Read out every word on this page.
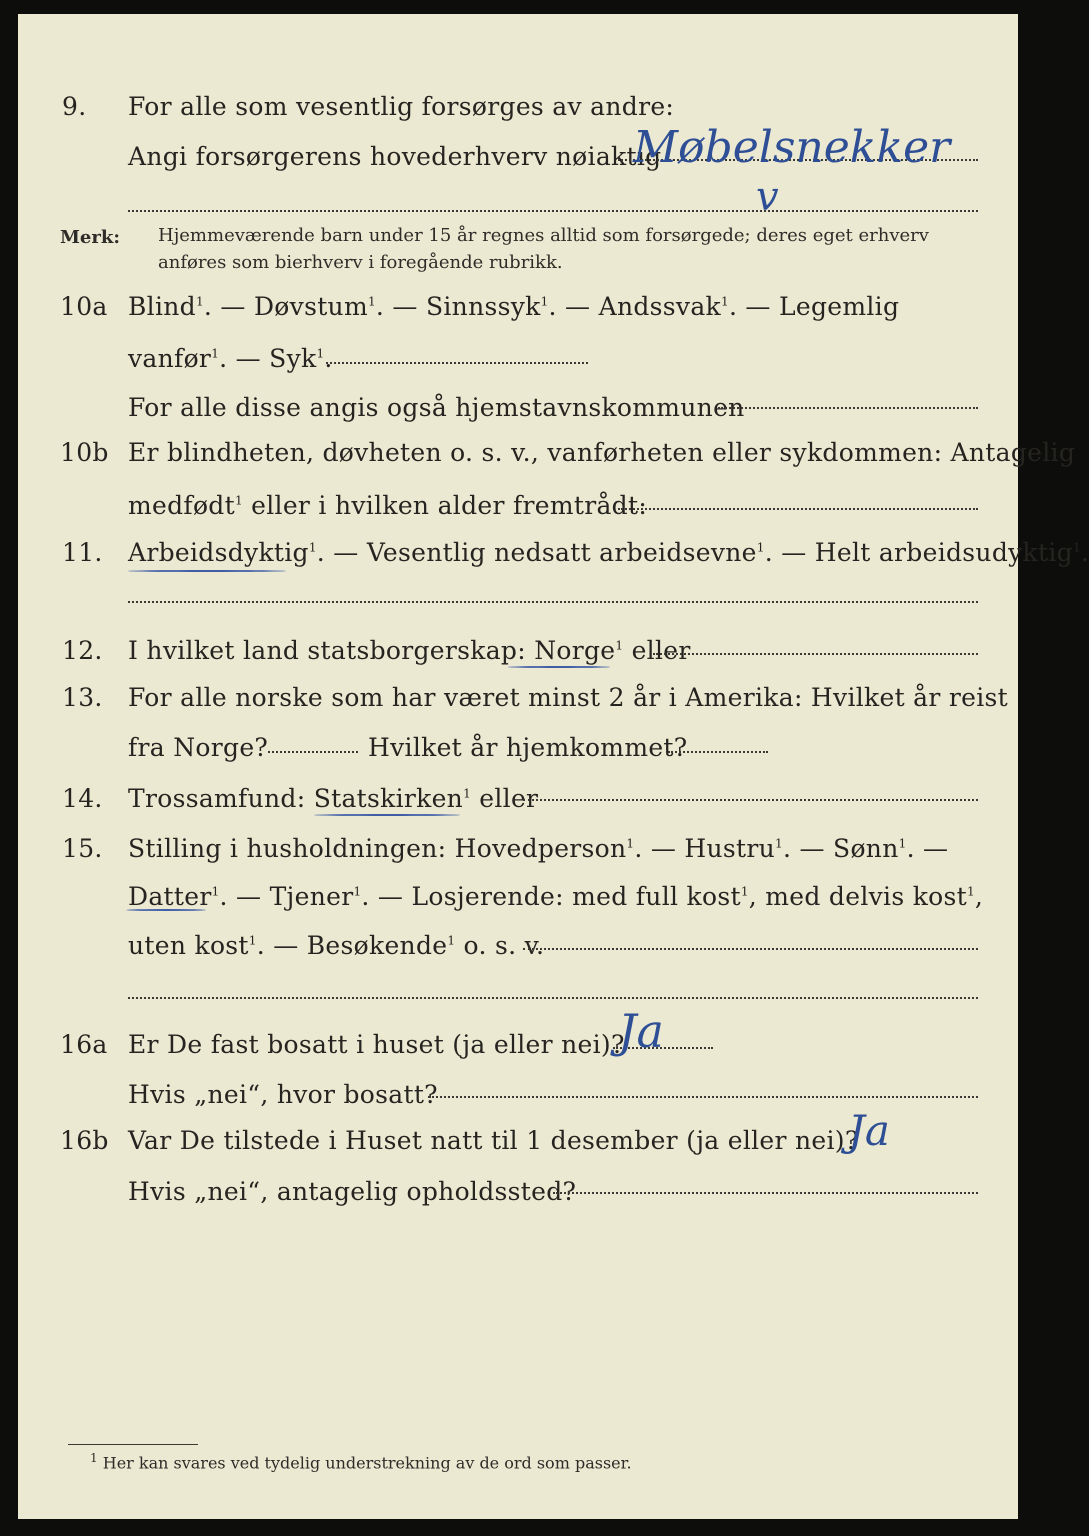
9. For alle som vesentlig forsørges av andre:
Angi forsørgerens hovederhverv nøiaktig
Møbelsnekker
v
Merk: Hjemmeværende barn under 15 år regnes alltid som forsørgede; deres eget erhverv
anføres som bierhverv i foregående rubrikk.
10a Blind$^1$. — Døvstum$^1$. — Sinnssyk$^1$. — Andssvak$^1$. — Legemlig
vanfør$^1$. — Syk$^1$.
For alle disse angis også hjemstavnskommunen
10b Er blindheten, døvheten o. s. v., vanførheten eller sykdommen: Antagelig
medfødt$^1$ eller i hvilken alder fremtrådt:
11. Arbeidsdyktig$^1$. — Vesentlig nedsatt arbeidsevne$^1$. — Helt arbeidsudyktig$^1$.
12. I hvilket land statsborgerskap: Norge$^1$ eller
13. For alle norske som har været minst 2 år i Amerika: Hvilket år reist
fra Norge?	Hvilket år hjemkommet?
14. Trossamfund: Statskirken$^1$ eller
15. Stilling i husholdningen: Hovedperson$^1$. — Hustru$^1$. — Sønn$^1$. —
Datter$^1$. — Tjener$^1$. — Losjerende: med full kost$^1$, med delvis kost$^1$,
uten kost$^1$. — Besøkende$^1$ o. s. v.
16a Er De fast bosatt i huset (ja eller nei)?
Ja
Hvis „nei“, hvor bosatt?
16b Var De tilstede i Huset natt til 1 desember (ja eller nei)?
Ja
Hvis „nei“, antagelig opholdssted?
$^1$ Her kan svares ved tydelig understrekning av de ord som passer.
